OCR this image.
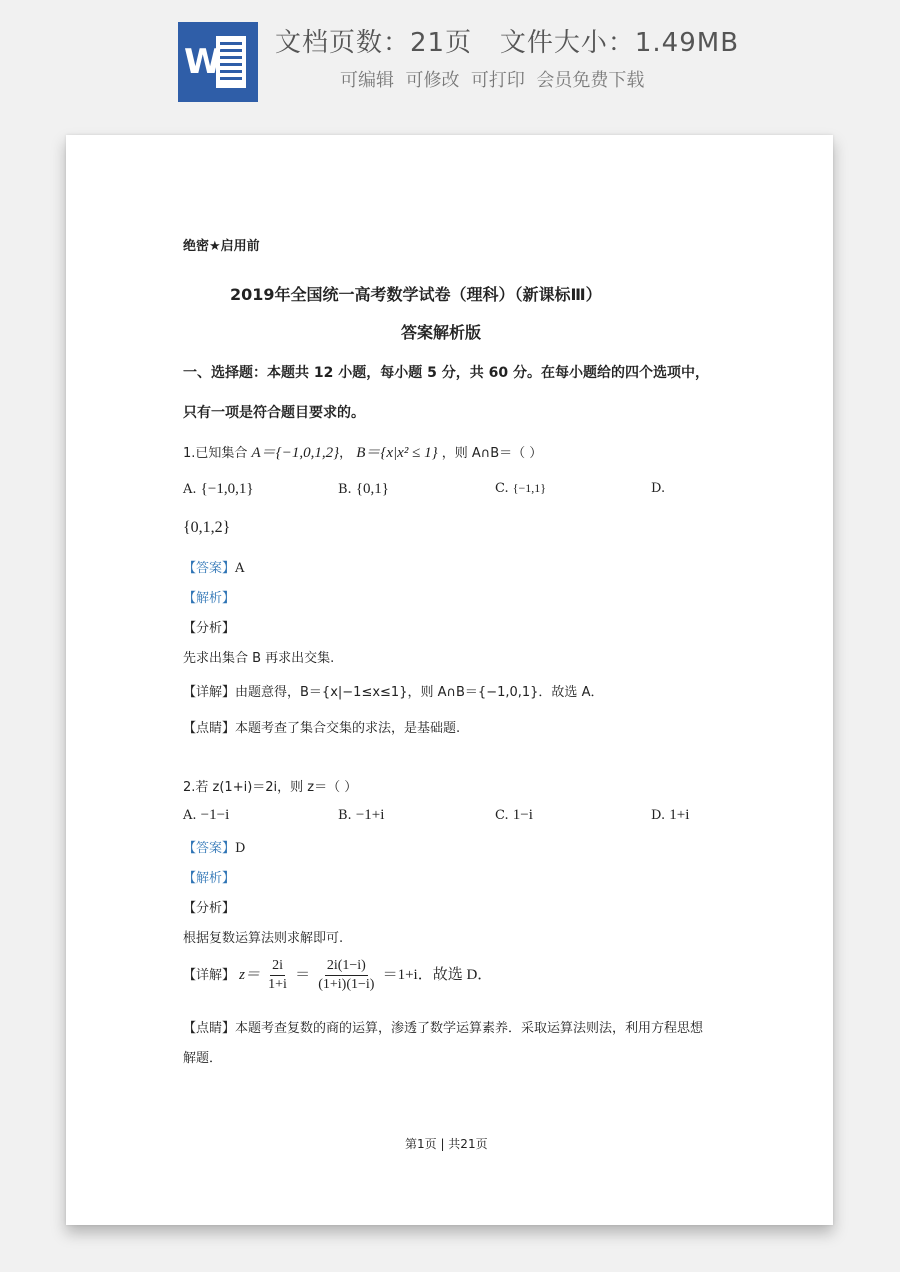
W 文档页数：21页   文件大小：1.49MB
可编辑  可修改  可打印  会员免费下载
绝密★启用前
2019年全国统一高考数学试卷（理科）（新课标Ⅲ）
答案解析版
一、选择题：本题共 12 小题，每小题 5 分，共 60 分。在每小题给的四个选项中，
只有一项是符合题目要求的。
1.已知集合 A＝{−1,0,1,2}， B＝{x|x² ≤ 1} ，则 A∩B＝（ ）
A. {−1,0,1}	B. {0,1}	C. {−1,1}	D.
{0,1,2}
【答案】A
【解析】
【分析】
先求出集合 B 再求出交集.
【详解】由题意得，B＝{x|−1≤x≤1}，则 A∩B＝{−1,0,1}．故选 A．
【点睛】本题考查了集合交集的求法，是基础题.
2.若 z(1+i)＝2i，则 z＝（ ）
A. −1−i	B. −1+i	C. 1−i	D. 1+i
【答案】D
【解析】
【分析】
根据复数运算法则求解即可.
【详解】 $z= \frac{2i}{1+i} = \frac{2i(1-i)}{(1+i)(1-i)} =1+i$．故选 D．
【点睛】本题考查复数的商的运算，渗透了数学运算素养．采取运算法则法，利用方程思想
解题．
第1页 | 共21页
